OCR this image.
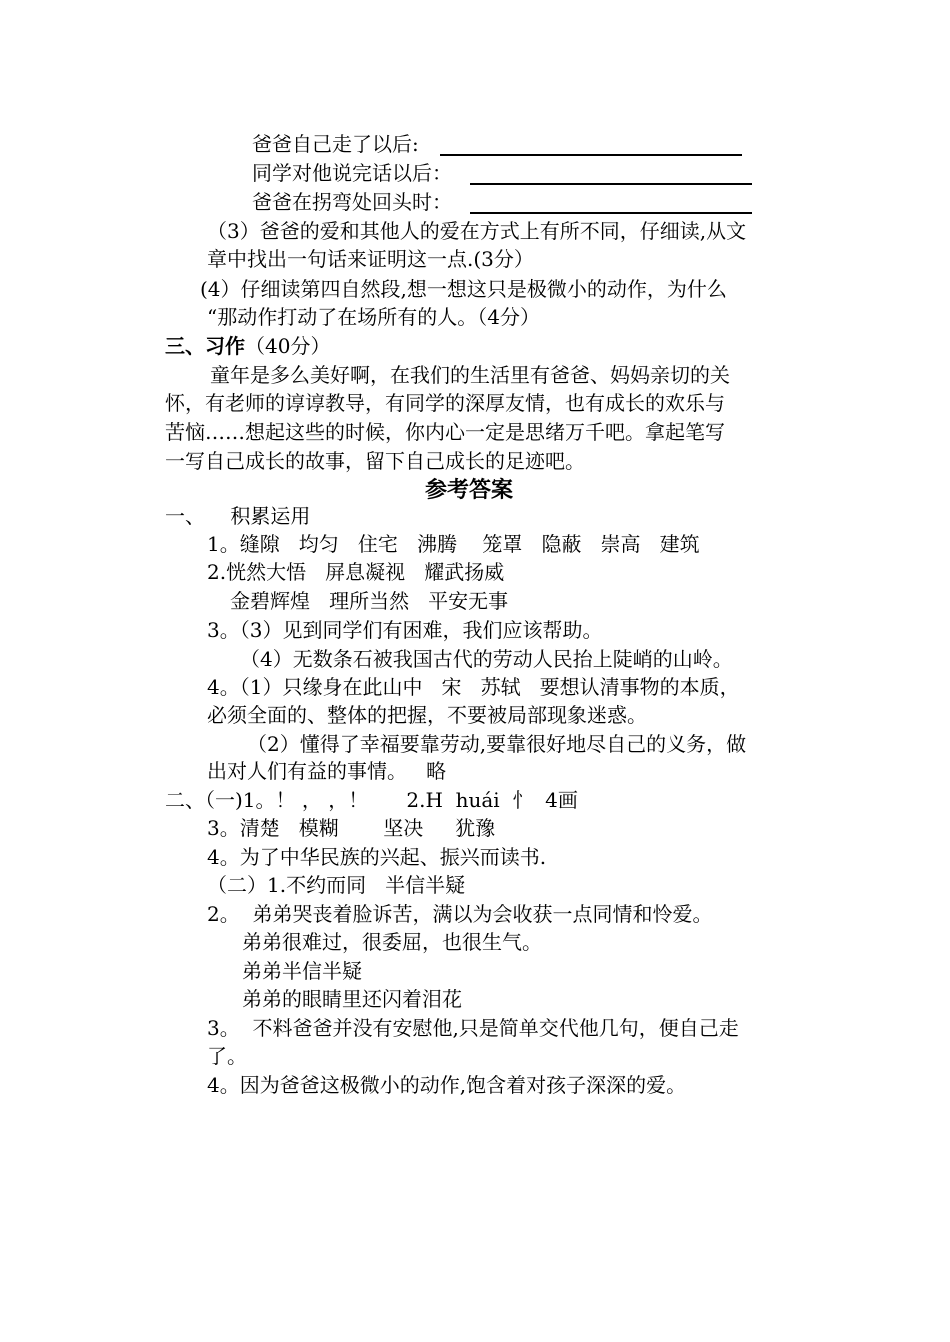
爸爸自己走了以后:
同学对他说完话以后：
爸爸在拐弯处回头时：
（3）爸爸的爱和其他人的爱在方式上有所不同，仔细读,从文
章中找出一句话来证明这一点.(3分）
(4）仔细读第四自然段,想一想这只是极微小的动作，为什么
“那动作打动了在场所有的人。（4分）
三、习作（40分）
童年是多么美好啊，在我们的生活里有爸爸、妈妈亲切的关
怀，有老师的谆谆教导，有同学的深厚友情，也有成长的欢乐与
苦恼……想起这些的时候，你内心一定是思绪万千吧。拿起笔写
一写自己成长的故事，留下自己成长的足迹吧。
参考答案
一、    积累运用
1。缝隙   均匀   住宅   沸腾    笼罩   隐蔽   崇高   建筑
2.恍然大悟   屏息凝视   耀武扬威
金碧辉煌   理所当然   平安无事
3。（3）见到同学们有困难，我们应该帮助。
（4）无数条石被我国古代的劳动人民抬上陡峭的山岭。
4。（1）只缘身在此山中   宋   苏轼   要想认清事物的本质，
必须全面的、整体的把握，不要被局部现象迷惑。
（2）懂得了幸福要靠劳动,要靠很好地尽自己的义务，做
出对人们有益的事情。   略
二、（一)1。！ ， ，！      2.H  huái  忄  4画
3。清楚   模糊       坚决     犹豫
4。为了中华民族的兴起、振兴而读书.
（二）1.不约而同   半信半疑
2。  弟弟哭丧着脸诉苦，满以为会收获一点同情和怜爱。
弟弟很难过，很委屈，也很生气。
弟弟半信半疑
弟弟的眼睛里还闪着泪花
3。  不料爸爸并没有安慰他,只是简单交代他几句，便自己走
了。
4。因为爸爸这极微小的动作,饱含着对孩子深深的爱。
